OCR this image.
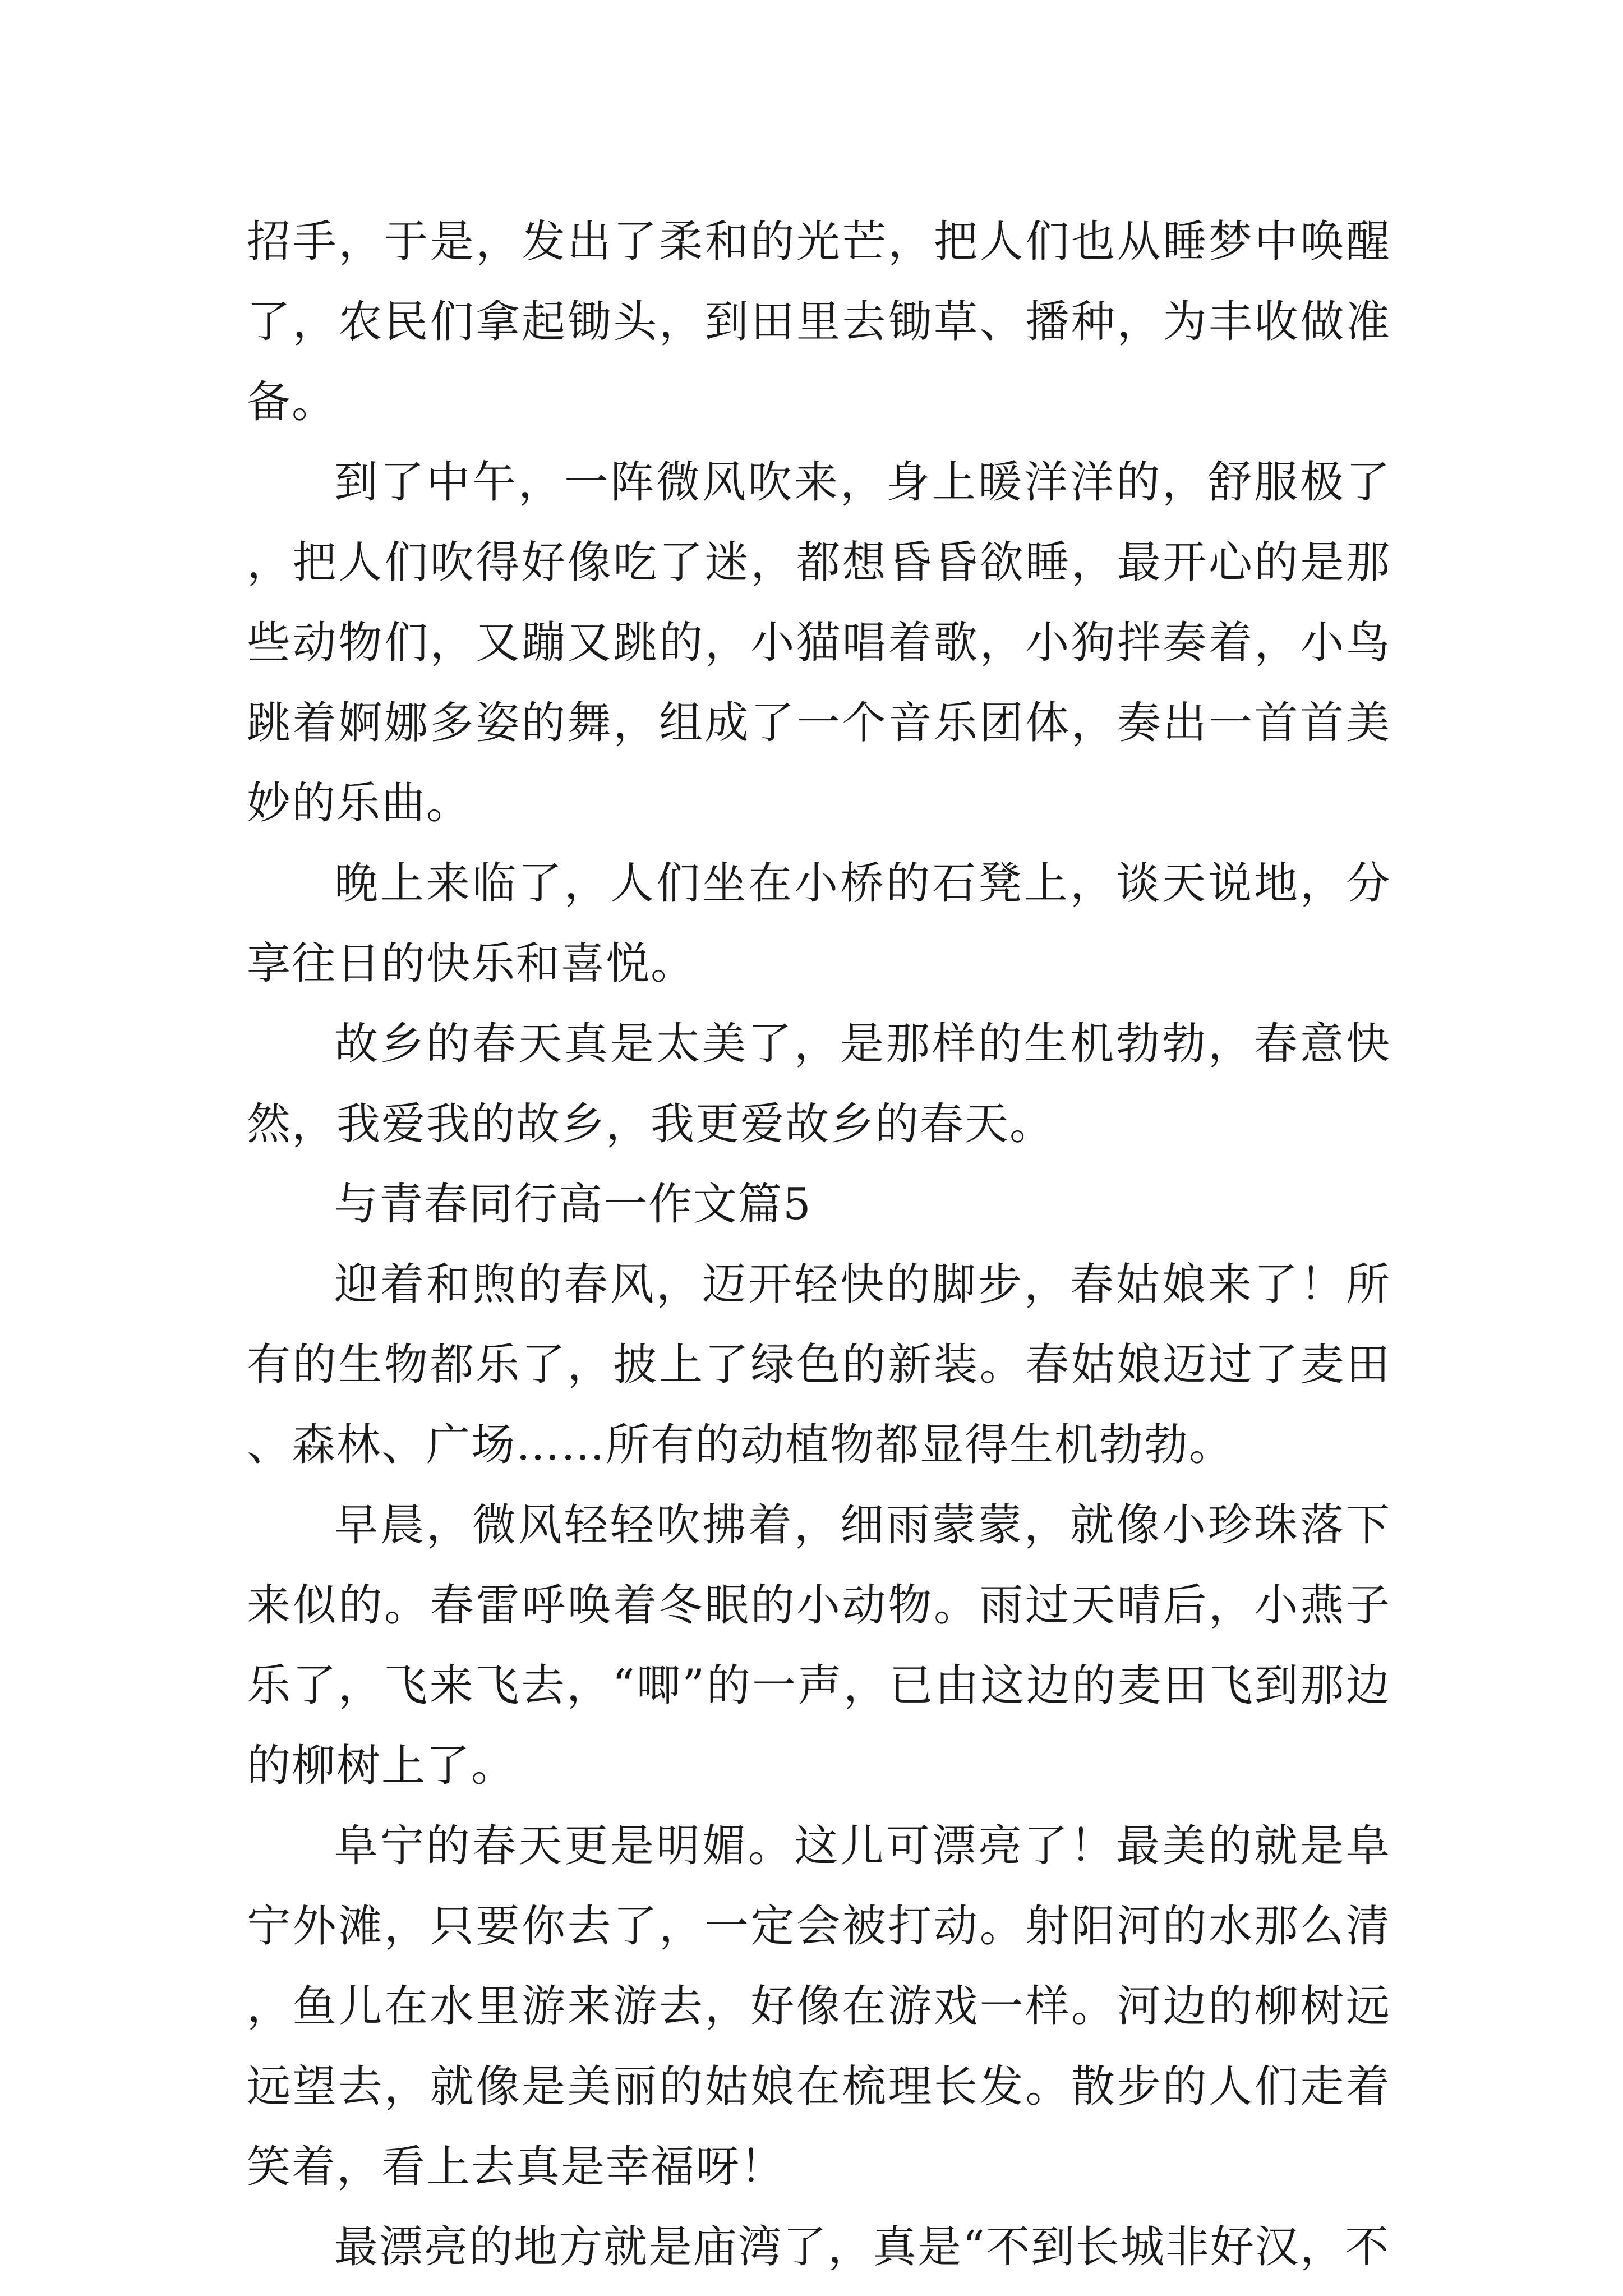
招手，于是，发出了柔和的光芒，把人们也从睡梦中唤醒了，农民们拿起锄头，到田里去锄草、播种，为丰收做准备。

到了中午，一阵微风吹来，身上暖洋洋的，舒服极了，把人们吹得好像吃了迷，都想昏昏欲睡，最开心的是那些动物们，又蹦又跳的，小猫唱着歌，小狗拌奏着，小鸟跳着婀娜多姿的舞，组成了一个音乐团体，奏出一首首美妙的乐曲。

晚上来临了，人们坐在小桥的石凳上，谈天说地，分享往日的快乐和喜悦。

故乡的春天真是太美了，是那样的生机勃勃，春意快然，我爱我的故乡，我更爱故乡的春天。

与青春同行高一作文篇5

迎着和煦的春风，迈开轻快的脚步，春姑娘来了！所有的生物都乐了，披上了绿色的新装。春姑娘迈过了麦田、森林、广场……所有的动植物都显得生机勃勃。

早晨，微风轻轻吹拂着，细雨蒙蒙，就像小珍珠落下来似的。春雷呼唤着冬眠的小动物。雨过天晴后，小燕子乐了，飞来飞去，“唧”的一声，已由这边的麦田飞到那边的柳树上了。

阜宁的春天更是明媚。这儿可漂亮了！最美的就是阜宁外滩，只要你去了，一定会被打动。射阳河的水那么清，鱼儿在水里游来游去，好像在游戏一样。河边的柳树远远望去，就像是美丽的姑娘在梳理长发。散步的人们走着笑着，看上去真是幸福呀！

最漂亮的地方就是庙湾了，真是“不到长城非好汉，不
